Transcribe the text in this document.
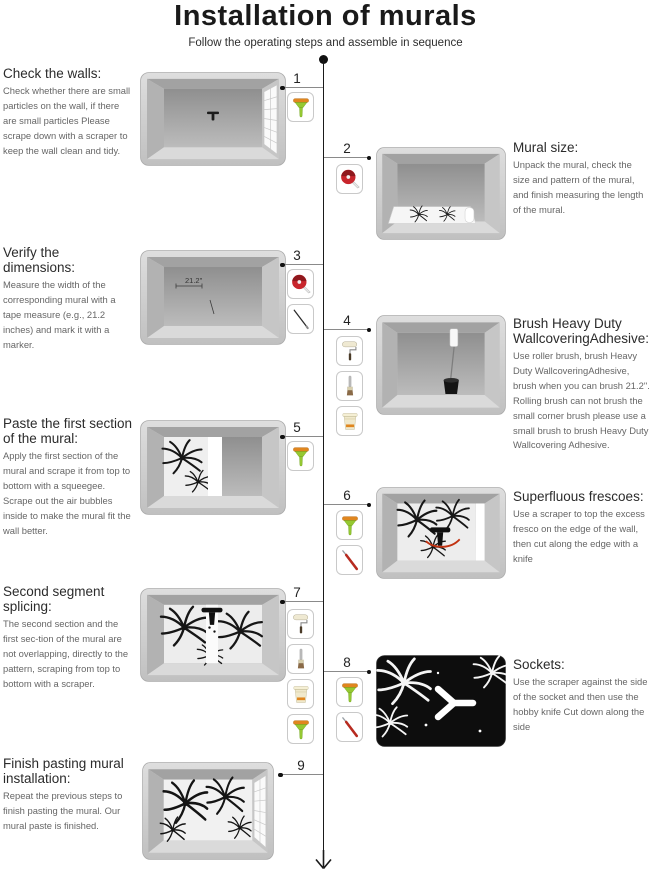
Installation of murals

Follow the operating steps and assemble in sequence

Check the walls:

Check whether there are small particles on the wall, if there are small particles Please scrape down with a scraper to keep the wall clean and tidy.

1
2	Mural size:

Unpack the mural, check the size and pattern of the mural, and finish measuring the length of the mural.

Verify the dimensions:

Measure the width of the corresponding mural with a tape measure (e.g., 21.2 inches) and mark it with a marker.

21.2"
3
4	Brush Heavy Duty WallcoveringAdhesive:

Use roller brush, brush Heavy Duty WallcoveringAdhesive, brush when you can brush 21.2". Rolling brush can not brush the small corner brush please use a small brush to brush Heavy Duty Wallcovering Adhesive.

Paste the first section of the mural:

Apply the first section of the mural and scrape it from top to bottom with a squeegee. Scrape out the air bubbles inside to make the mural fit the wall better.

5
6	Superfluous frescoes:

Use a scraper to top the excess fresco on the edge of the wall, then cut along the edge with a knife

Second segment splicing:

The second section and the first sec-tion of the mural are not overlapping, directly to the pattern, scraping from top to bottom with a scraper.

7
8	Sockets:

Use the scraper against the side of the socket and then use the hobby knife Cut down along the side

Finish pasting mural installation:

Repeat the previous steps to finish pasting the mural. Our mural paste is finished.

9
